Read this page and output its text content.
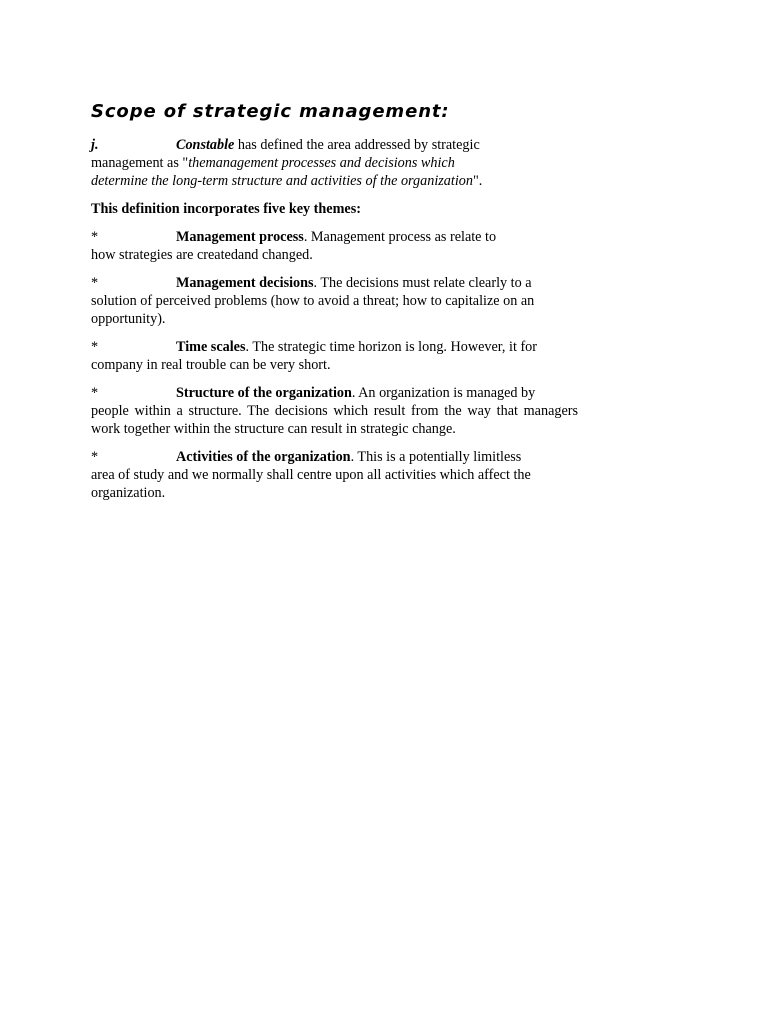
Scope of strategic management:
j.	Constable has defined the area addressed by strategic
management as "themanagement processes and decisions which
determine the long-term structure and activities of the organization".
This definition incorporates five key themes:
*	Management process. Management process as relate to
how strategies are createdand changed.
*	Management decisions. The decisions must relate clearly to a
solution of perceived problems (how to avoid a threat; how to capitalize on an opportunity).
*	Time scales. The strategic time horizon is long. However, it for
company in real trouble can be very short.
*	Structure of the organization. An organization is managed by
people within a structure. The decisions which result from the way that managers work together within the structure can result in strategic change.
*	Activities of the organization. This is a potentially limitless
area of study and we normally shall centre upon all activities which affect the organization.
